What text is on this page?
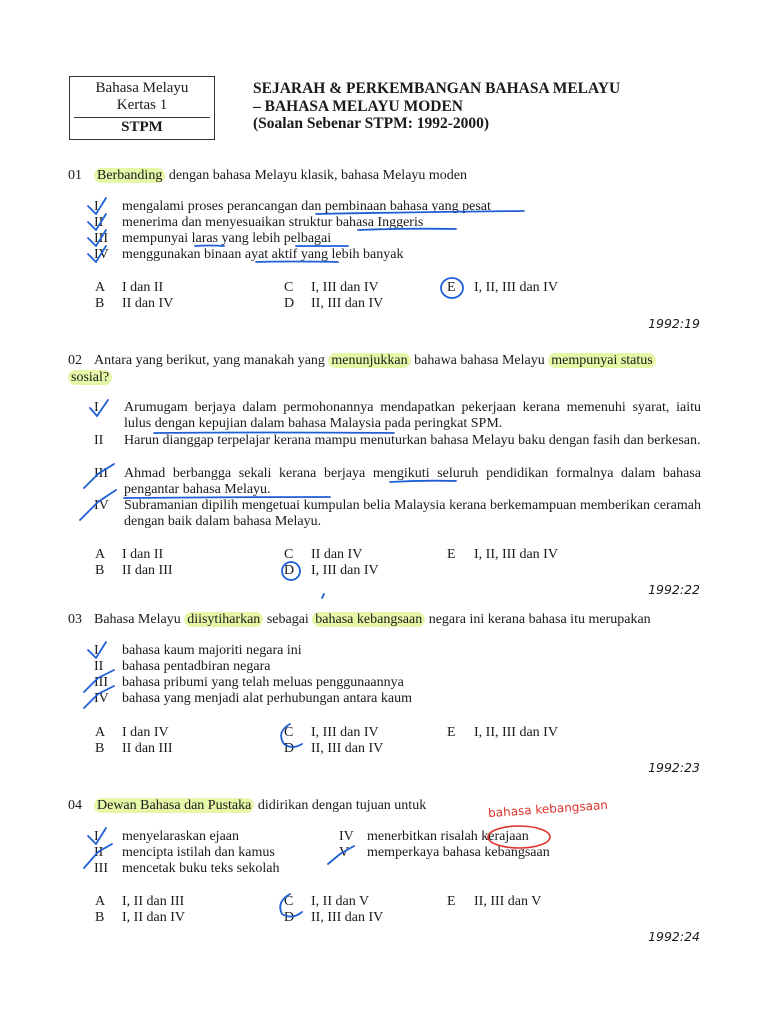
Bahasa Melayu
Kertas 1
STPM
SEJARAH & PERKEMBANGAN BAHASA MELAYU
– BAHASA MELAYU MODEN
(Soalan Sebenar STPM: 1992-2000)
01 Berbanding dengan bahasa Melayu klasik, bahasa Melayu moden
I	mengalami proses perancangan dan pembinaan bahasa yang pesat
II	menerima dan menyesuaikan struktur bahasa Inggeris
III	mempunyai laras yang lebih pelbagai
IV menggunakan binaan ayat aktif yang lebih banyak
A I dan II
B II dan IV
C I, III dan IV
D II, III dan IV
E I, II, III dan IV
1992:19
02 Antara yang berikut, yang manakah yang menunjukkan bahawa bahasa Melayu mempunyai status
sosial?
I	Arumugam berjaya dalam permohonannya mendapatkan pekerjaan kerana memenuhi syarat, iaitu lulus dengan kepujian dalam bahasa Malaysia pada peringkat SPM.
II	Harun dianggap terpelajar kerana mampu menuturkan bahasa Melayu baku dengan fasih dan berkesan.
III	Ahmad berbangga sekali kerana berjaya mengikuti seluruh pendidikan formalnya dalam bahasa pengantar bahasa Melayu.
IV	Subramanian dipilih mengetuai kumpulan belia Malaysia kerana berkemampuan memberikan ceramah dengan baik dalam bahasa Melayu.
A I dan II
B II dan III
C II dan IV
D I, III dan IV
E I, II, III dan IV
1992:22
03 Bahasa Melayu diisytiharkan sebagai bahasa kebangsaan negara ini kerana bahasa itu merupakan
I	bahasa kaum majoriti negara ini
II	bahasa pentadbiran negara
III	bahasa pribumi yang telah meluas penggunaannya
IV bahasa yang menjadi alat perhubungan antara kaum
A I dan IV
B II dan III
C I, III dan IV
D II, III dan IV
E I, II, III dan IV
1992:23
04 Dewan Bahasa dan Pustaka didirikan dengan tujuan untuk	bahasa kebangsaan
I	menyelaraskan ejaan
II	mencipta istilah dan kamus
III	mencetak buku teks sekolah
IV menerbitkan risalah kerajaan
V	memperkaya bahasa kebangsaan
A I, II dan III
B I, II dan IV
C I, II dan V
D II, III dan IV
E II, III dan V
1992:24
